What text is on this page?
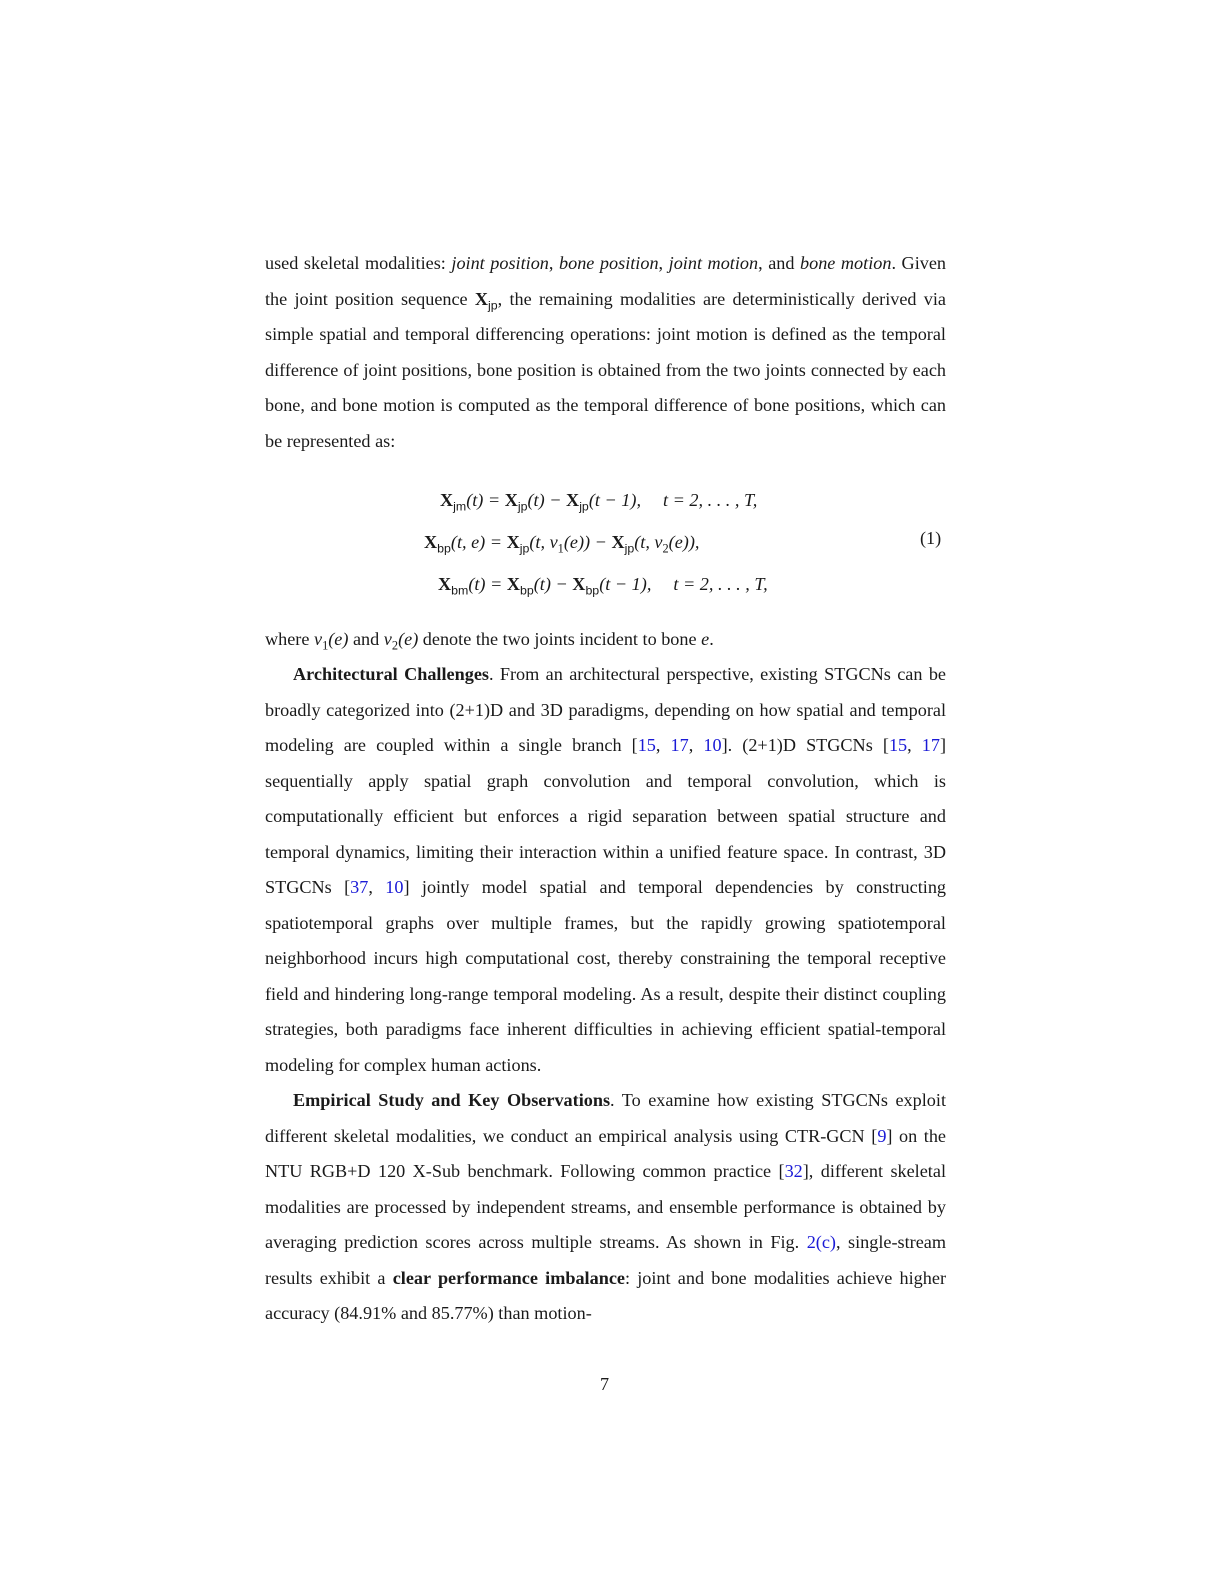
used skeletal modalities: joint position, bone position, joint motion, and bone motion. Given the joint position sequence $X_{jp}$, the remaining modalities are deterministically derived via simple spatial and temporal differencing operations: joint motion is defined as the temporal difference of joint positions, bone position is obtained from the two joints connected by each bone, and bone motion is computed as the temporal difference of bone positions, which can be represented as:
$X_{jm}(t) = X_{jp}(t) - X_{jp}(t - 1)$, t = 2, . . . , T,
$X_{bp}(t$, $e) = X_{jp}(t$, $v_1(e)) - X_{jp}(t$, $v_2(e)$),
$X_{bm}(t) = X_{bp}(t) - X_{bp}(t - 1)$, t = 2, . . . , T,
(1)
where $v_1(e)$ and $v_2(e)$ denote the two joints incident to bone e.
Architectural Challenges. From an architectural perspective, existing STGCNs can be broadly categorized into (2+1)D and 3D paradigms, depending on how spatial and temporal modeling are coupled within a single branch [15, 17, 10]. (2+1)D STGCNs [15, 17] sequentially apply spatial graph convolution and temporal convolution, which is computationally efficient but enforces a rigid separation between spatial structure and temporal dynamics, limiting their interaction within a unified feature space. In contrast, 3D STGCNs [37, 10] jointly model spatial and temporal dependencies by constructing spatiotemporal graphs over multiple frames, but the rapidly growing spatiotemporal neighborhood incurs high computational cost, thereby constraining the temporal receptive field and hindering long-range temporal modeling. As a result, despite their distinct coupling strategies, both paradigms face inherent difficulties in achieving efficient spatial-temporal modeling for complex human actions.
Empirical Study and Key Observations. To examine how existing STGCNs exploit different skeletal modalities, we conduct an empirical analysis using CTR-GCN [9] on the NTU RGB+D 120 X-Sub benchmark. Following common practice [32], different skeletal modalities are processed by independent streams, and ensemble performance is obtained by averaging prediction scores across multiple streams. As shown in Fig. 2(c), single-stream results exhibit a clear performance imbalance: joint and bone modalities achieve higher accuracy (84.91% and 85.77%) than motion-
7
